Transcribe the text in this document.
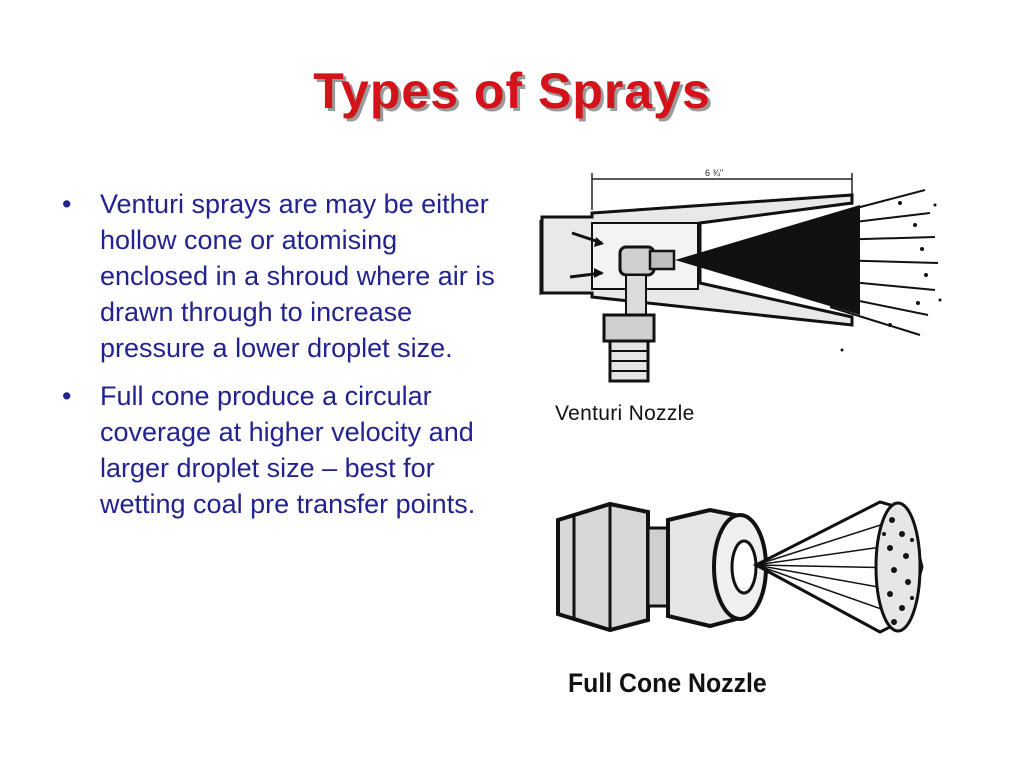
Types of Sprays
• Venturi sprays are may be either hollow cone or atomising enclosed in a shroud where air is drawn through to increase pressure a lower droplet size.
• Full cone produce a circular coverage at higher velocity and larger droplet size – best for wetting coal pre transfer points.
6 ¾"
Venturi Nozzle
Full Cone Nozzle
